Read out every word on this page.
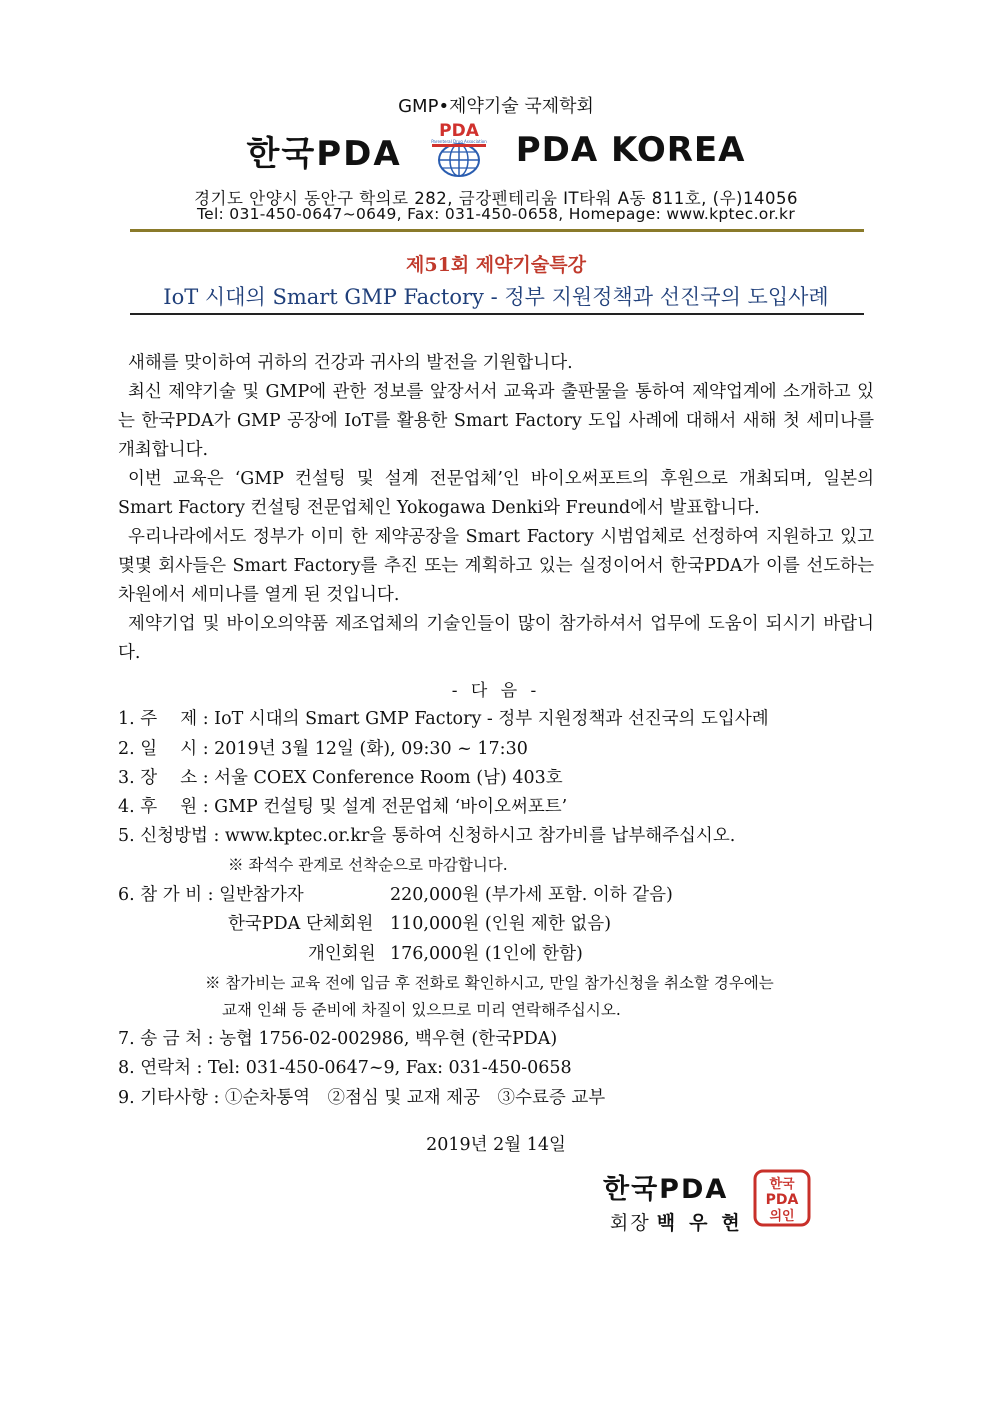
GMP•제약기술 국제학회
한국PDA
PDA
Parenteral Drug Association PDA KOREA
경기도 안양시 동안구 학의로 282, 금강펜테리움 IT타워 A동 811호, (우)14056
Tel: 031-450-0647~0649, Fax: 031-450-0658, Homepage: www.kptec.or.kr
제51회 제약기술특강
IoT 시대의 Smart GMP Factory - 정부 지원정책과 선진국의 도입사례

새해를 맞이하여 귀하의 건강과 귀사의 발전을 기원합니다.

최신 제약기술 및 GMP에 관한 정보를 앞장서서 교육과 출판물을 통하여 제약업계에 소개하고 있는 한국PDA가 GMP 공장에 IoT를 활용한 Smart Factory 도입 사례에 대해서 새해 첫 세미나를 개최합니다.

이번 교육은 ‘GMP 컨설팅 및 설계 전문업체’인 바이오써포트의 후원으로 개최되며, 일본의 Smart Factory 컨설팅 전문업체인 Yokogawa Denki와 Freund에서 발표합니다.

우리나라에서도 정부가 이미 한 제약공장을 Smart Factory 시범업체로 선정하여 지원하고 있고 몇몇 회사들은 Smart Factory를 추진 또는 계획하고 있는 실정이어서 한국PDA가 이를 선도하는 차원에서 세미나를 열게 된 것입니다.

제약기업 및 바이오의약품 제조업체의 기술인들이 많이 참가하셔서 업무에 도움이 되시기 바랍니다.

- 다 음 -
1. 주　 제 : IoT 시대의 Smart GMP Factory - 정부 지원정책과 선진국의 도입사례
2. 일　 시 : 2019년 3월 12일 (화), 09:30 ~ 17:30
3. 장　 소 : 서울 COEX Conference Room (남) 403호
4. 후　 원 : GMP 컨설팅 및 설계 전문업체 ‘바이오써포트’
5. 신청방법 : www.kptec.or.kr을 통하여 신청하시고 참가비를 납부해주십시오.
※ 좌석수 관계로 선착순으로 마감합니다.
6. 참 가 비 : 일반참가자	220,000원 (부가세 포함. 이하 같음)
한국PDA 단체회원 110,000원 (인원 제한 없음)
개인회원 176,000원 (1인에 한함)
※ 참가비는 교육 전에 입금 후 전화로 확인하시고, 만일 참가신청을 취소할 경우에는
교재 인쇄 등 준비에 차질이 있으므로 미리 연락해주십시오.
7. 송 금 처 : 농협 1756-02-002986, 백우현 (한국PDA)
8. 연락처 : Tel: 031-450-0647~9, Fax: 031-450-0658
9. 기타사항 : ①순차통역　②점심 및 교재 제공　③수료증 교부
2019년 2월 14일
한국PDA
회장 백우현
한국
PDA
의인
